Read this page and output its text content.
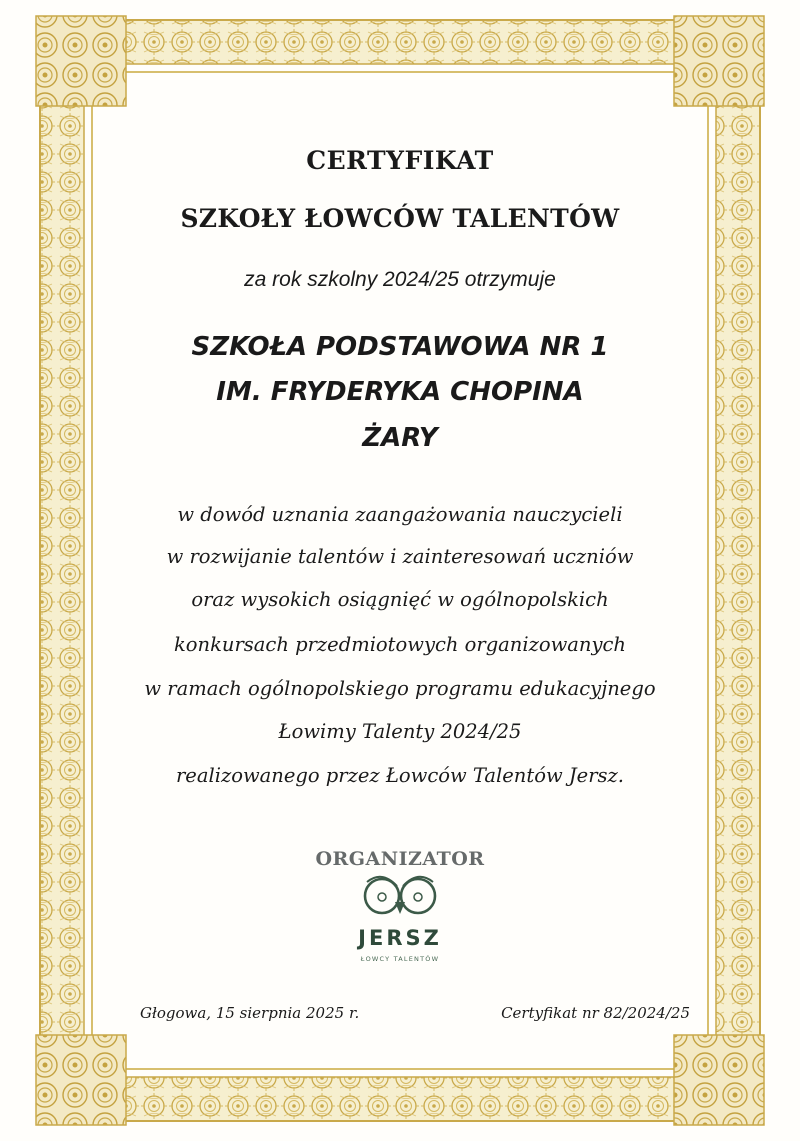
CERTYFIKAT
SZKOŁY ŁOWCÓW TALENTÓW
za rok szkolny 2024/25 otrzymuje
SZKOŁA PODSTAWOWA NR 1
IM. FRYDERYKA CHOPINA
ŻARY
w dowód uznania zaangażowania nauczycieli
w rozwijanie talentów i zainteresowań uczniów
oraz wysokich osiągnięć w ogólnopolskich
konkursach przedmiotowych organizowanych
w ramach ogólnopolskiego programu edukacyjnego
Łowimy Talenty 2024/25
realizowanego przez Łowców Talentów Jersz.
ORGANIZATOR
JERSZ
ŁOWCY TALENTÓW
Głogowa, 15 sierpnia 2025 r.	Certyfikat nr 82/2024/25
